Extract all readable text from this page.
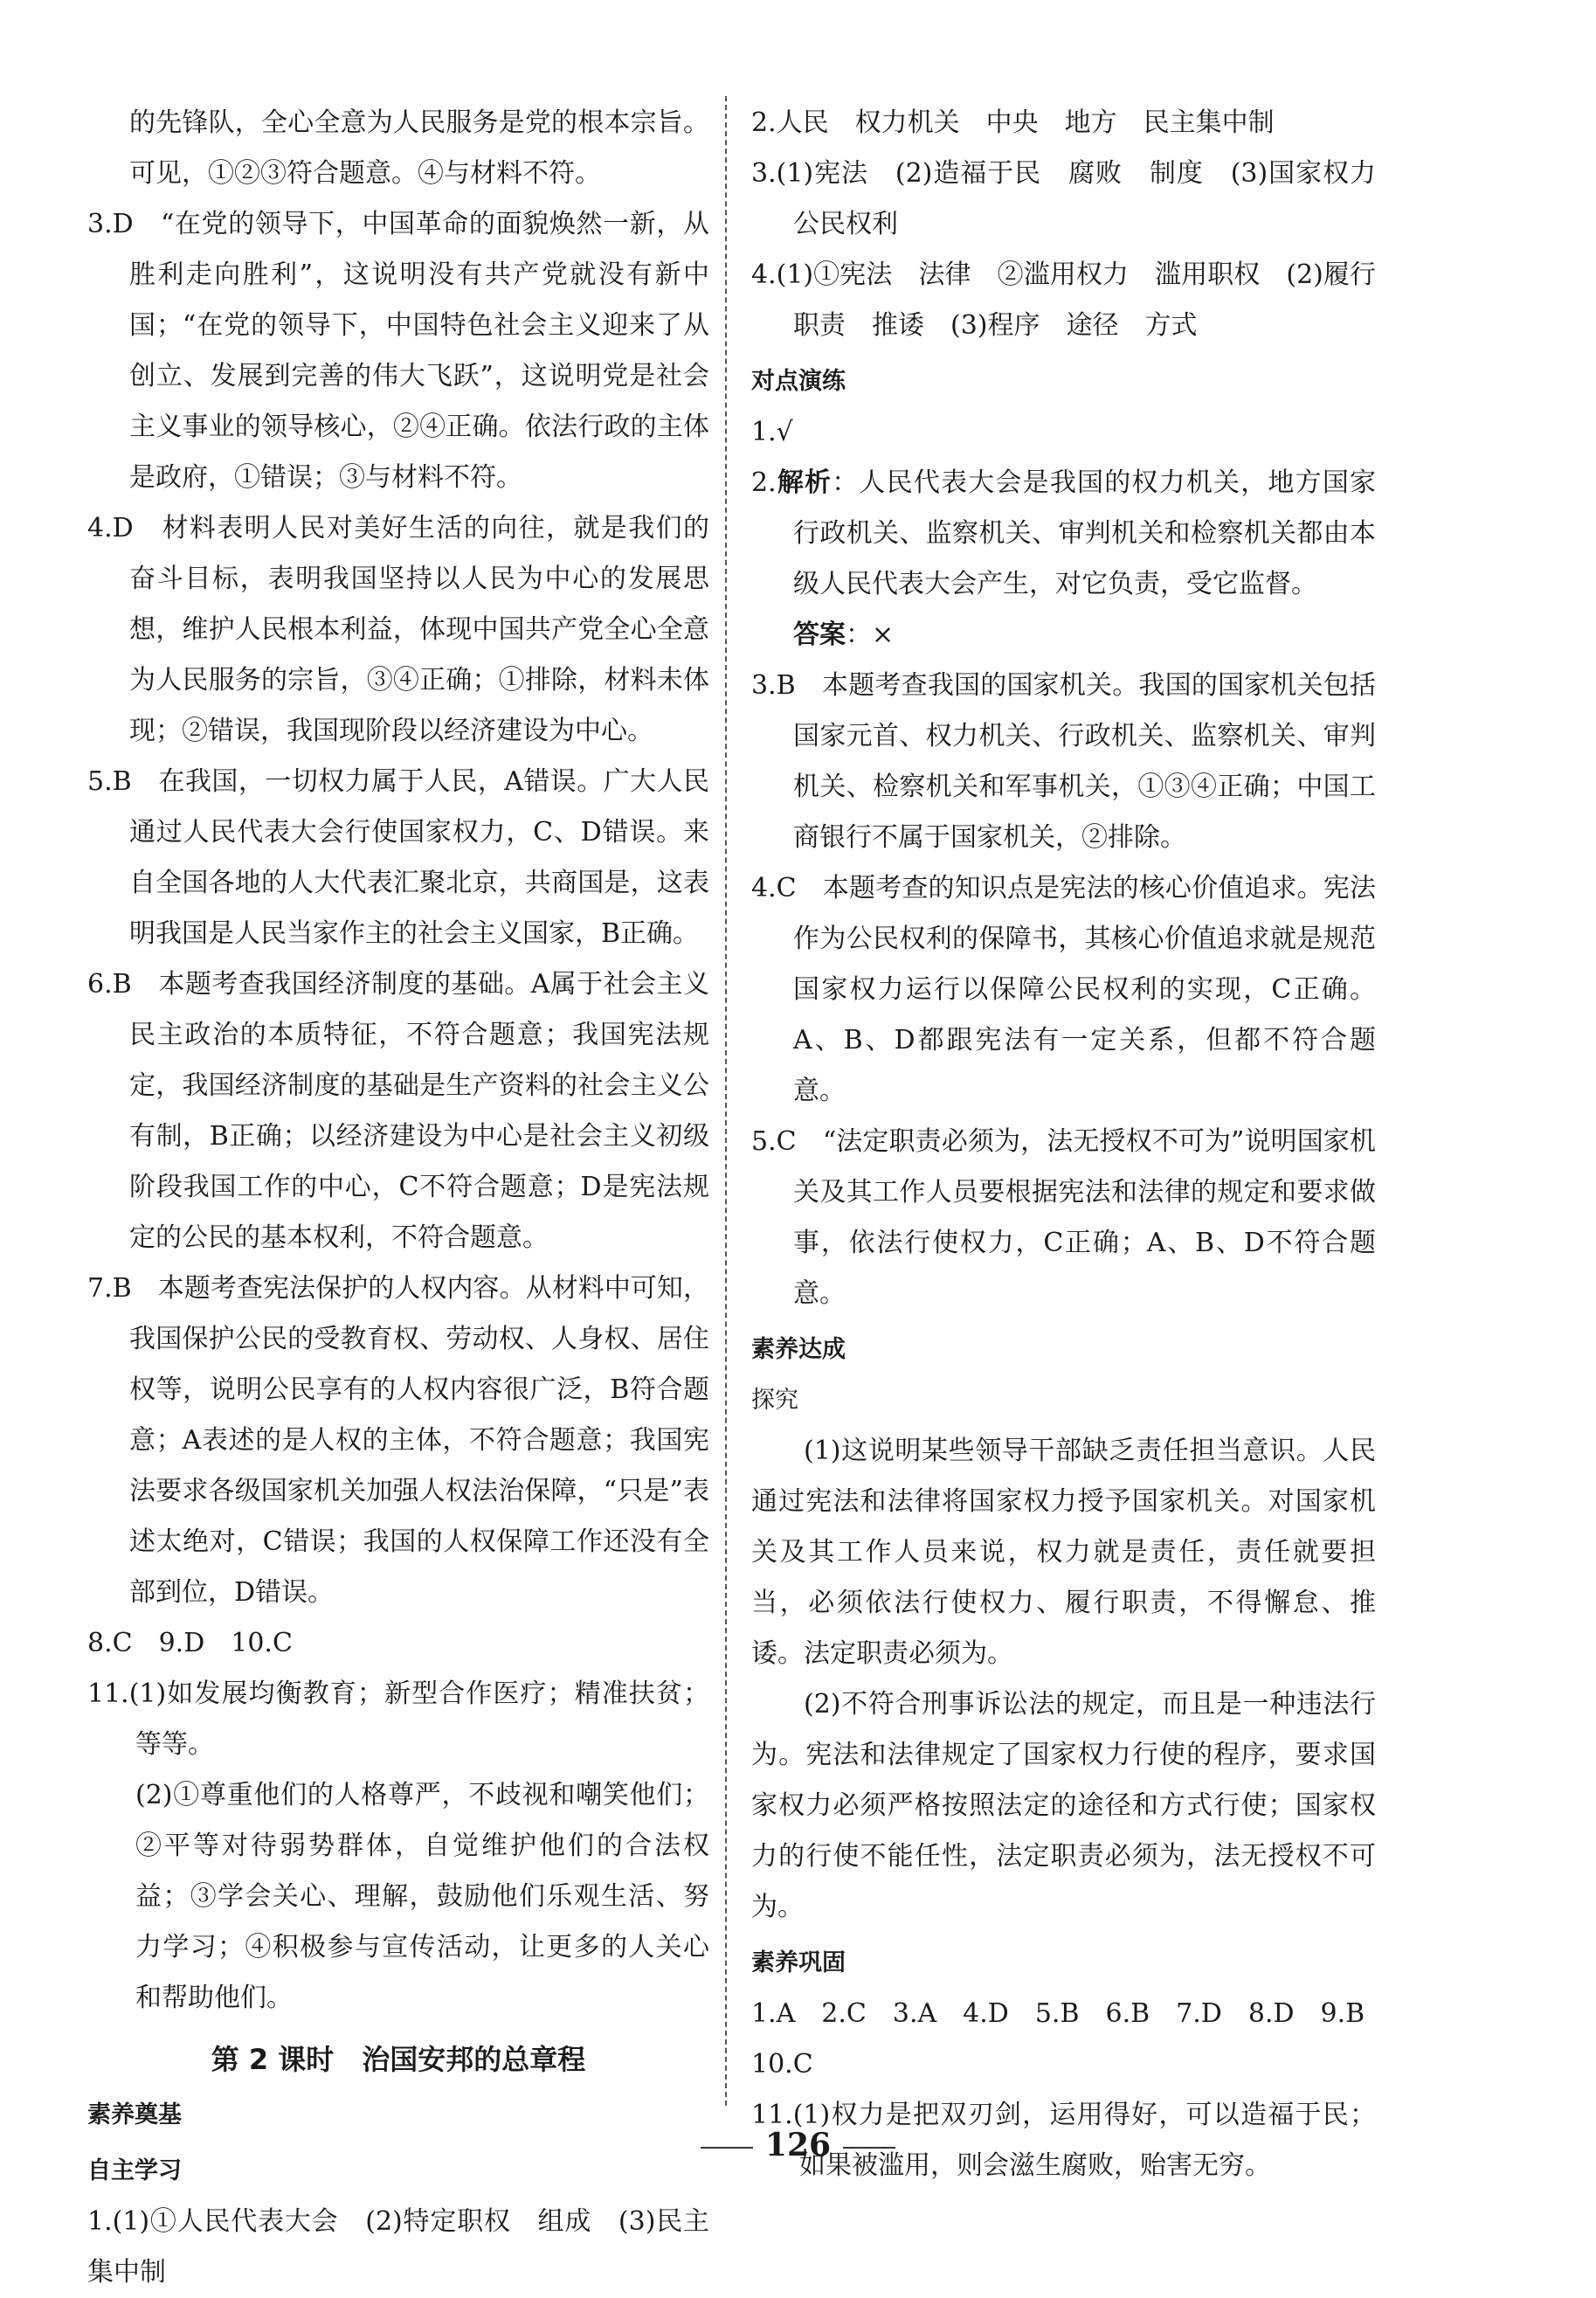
的先锋队，全心全意为人民服务是党的根本宗旨。可见，①②③符合题意。④与材料不符。

3.D　“在党的领导下，中国革命的面貌焕然一新，从胜利走向胜利”，这说明没有共产党就没有新中国；“在党的领导下，中国特色社会主义迎来了从创立、发展到完善的伟大飞跃”，这说明党是社会主义事业的领导核心，②④正确。依法行政的主体是政府，①错误；③与材料不符。

4.D　材料表明人民对美好生活的向往，就是我们的奋斗目标，表明我国坚持以人民为中心的发展思想，维护人民根本利益，体现中国共产党全心全意为人民服务的宗旨，③④正确；①排除，材料未体现；②错误，我国现阶段以经济建设为中心。

5.B　在我国，一切权力属于人民，A错误。广大人民通过人民代表大会行使国家权力，C、D错误。来自全国各地的人大代表汇聚北京，共商国是，这表明我国是人民当家作主的社会主义国家，B正确。

6.B　本题考查我国经济制度的基础。A属于社会主义民主政治的本质特征，不符合题意；我国宪法规定，我国经济制度的基础是生产资料的社会主义公有制，B正确；以经济建设为中心是社会主义初级阶段我国工作的中心，C不符合题意；D是宪法规定的公民的基本权利，不符合题意。

7.B　本题考查宪法保护的人权内容。从材料中可知，我国保护公民的受教育权、劳动权、人身权、居住权等，说明公民享有的人权内容很广泛，B符合题意；A表述的是人权的主体，不符合题意；我国宪法要求各级国家机关加强人权法治保障，“只是”表述太绝对，C错误；我国的人权保障工作还没有全部到位，D错误。

8.C　9.D　10.C

11.(1)如发展均衡教育；新型合作医疗；精准扶贫；等等。

(2)①尊重他们的人格尊严，不歧视和嘲笑他们；②平等对待弱势群体，自觉维护他们的合法权益；③学会关心、理解，鼓励他们乐观生活、努力学习；④积极参与宣传活动，让更多的人关心和帮助他们。

第 2 课时　治国安邦的总章程
素养奠基
自主学习

1.(1)①人民代表大会　(2)特定职权　组成　(3)民主集中制

2.人民　权力机关　中央　地方　民主集中制

3.(1)宪法　(2)造福于民　腐败　制度　(3)国家权力　公民权利

4.(1)①宪法　法律　②滥用权力　滥用职权　(2)履行职责　推诿　(3)程序　途径　方式

对点演练

1.√

2.解析：人民代表大会是我国的权力机关，地方国家行政机关、监察机关、审判机关和检察机关都由本级人民代表大会产生，对它负责，受它监督。

答案：×

3.B　本题考查我国的国家机关。我国的国家机关包括国家元首、权力机关、行政机关、监察机关、审判机关、检察机关和军事机关，①③④正确；中国工商银行不属于国家机关，②排除。

4.C　本题考查的知识点是宪法的核心价值追求。宪法作为公民权利的保障书，其核心价值追求就是规范国家权力运行以保障公民权利的实现，C正确。A、B、D都跟宪法有一定关系，但都不符合题意。

5.C　“法定职责必须为，法无授权不可为”说明国家机关及其工作人员要根据宪法和法律的规定和要求做事，依法行使权力，C正确；A、B、D不符合题意。

素养达成
探究

(1)这说明某些领导干部缺乏责任担当意识。人民通过宪法和法律将国家权力授予国家机关。对国家机关及其工作人员来说，权力就是责任，责任就要担当，必须依法行使权力、履行职责，不得懈怠、推诿。法定职责必须为。

(2)不符合刑事诉讼法的规定，而且是一种违法行为。宪法和法律规定了国家权力行使的程序，要求国家权力必须严格按照法定的途径和方式行使；国家权力的行使不能任性，法定职责必须为，法无授权不可为。

素养巩固

1.A　2.C　3.A　4.D　5.B　6.B　7.D　8.D　9.B

10.C

11.(1)权力是把双刃剑，运用得好，可以造福于民；如果被滥用，则会滋生腐败，贻害无穷。

126
